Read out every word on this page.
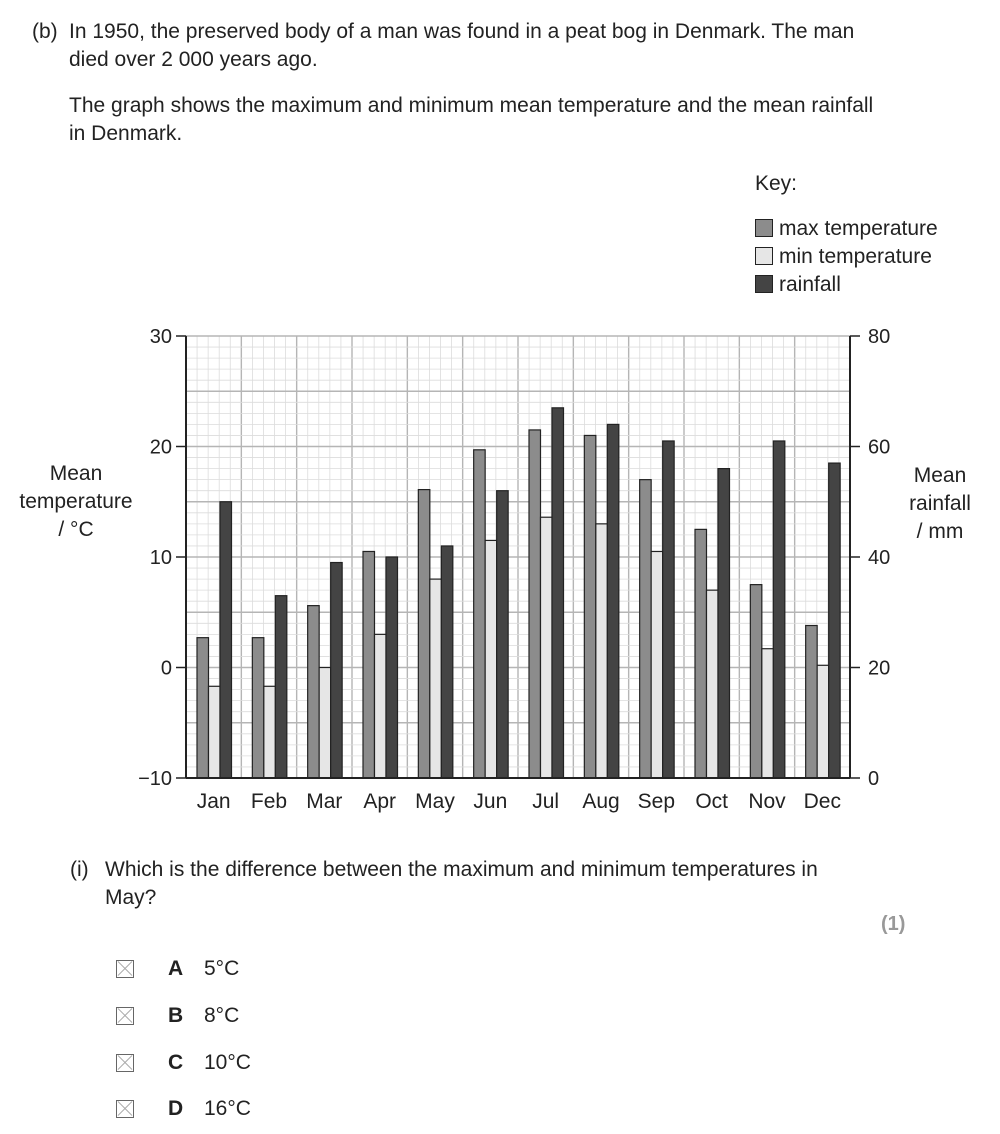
(b) In 1950, the preserved body of a man was found in a peat bog in Denmark. The man died over 2 000 years ago.
The graph shows the maximum and minimum mean temperature and the mean rainfall in Denmark.
Key:
max temperature
min temperature
rainfall
Mean
temperature
/ °C
Mean
rainfall
/ mm
−10
0
10
20
30
0
20
40
60
80
Jan Feb Mar Apr May Jun Jul Aug Sep Oct Nov Dec
(i) Which is the difference between the maximum and minimum temperatures in May?
(1)
A 5°C
B 8°C
C 10°C
D 16°C
